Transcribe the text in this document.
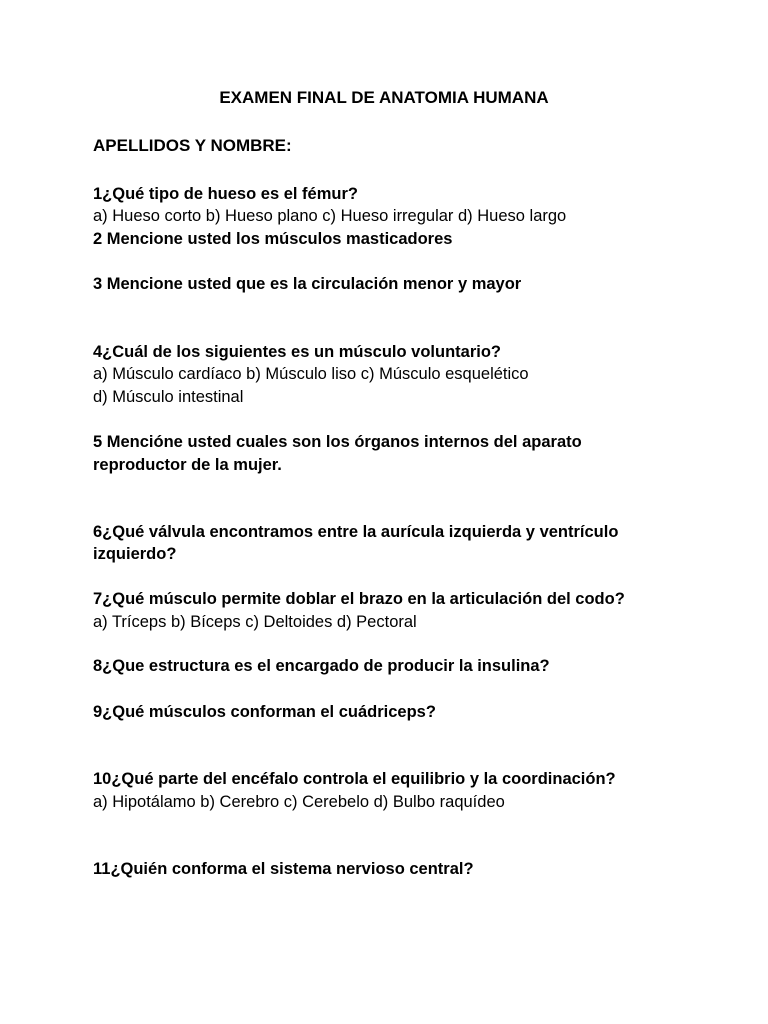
EXAMEN FINAL DE ANATOMIA HUMANA
APELLIDOS Y NOMBRE:
1¿Qué tipo de hueso es el fémur?
a) Hueso corto b) Hueso plano c) Hueso irregular d) Hueso largo
2 Mencione usted los músculos masticadores
3 Mencione usted que es la circulación menor y mayor
4¿Cuál de los siguientes es un músculo voluntario?
a) Músculo cardíaco b) Músculo liso c) Músculo esquelético
d) Músculo intestinal
5 Mencióne usted cuales son los órganos internos del aparato
reproductor de la mujer.
6¿Qué válvula encontramos entre la aurícula izquierda y ventrículo
izquierdo?
7¿Qué músculo permite doblar el brazo en la articulación del codo?
a) Tríceps b) Bíceps c) Deltoides d) Pectoral
8¿Que estructura es el encargado de producir la insulina?
9¿Qué músculos conforman el cuádriceps?
10¿Qué parte del encéfalo controla el equilibrio y la coordinación?
a) Hipotálamo b) Cerebro c) Cerebelo d) Bulbo raquídeo
11¿Quién conforma el sistema nervioso central?
